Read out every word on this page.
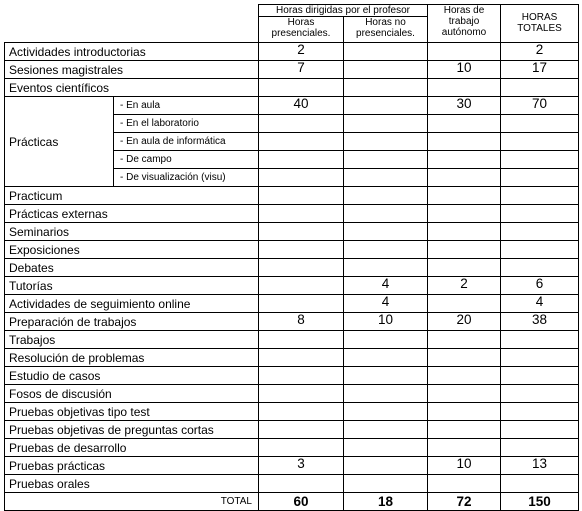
		Horas dirigidas por el profesor		Horas de trabajo autónomo	HORAS TOTALES

		Horas presenciales.	Horas no presenciales.		

Actividades introductorias		2			2
Sesiones magistrales		7		10	17
Eventos científicos					
Prácticas	- En aula	40		30	70
	- En el laboratorio				
	- En aula de informática				
	- De campo				
	- De visualización (visu)				
Practicum					
Prácticas externas					
Seminarios					
Exposiciones					
Debates					
Tutorías			4	2	6
Actividades de seguimiento online			4		4
Preparación de trabajos		8	10	20	38
Trabajos					
Resolución de problemas					
Estudio de casos					
Fosos de discusión					
Pruebas objetivas tipo test					
Pruebas objetivas de preguntas cortas					
Pruebas de desarrollo					
Pruebas prácticas		3		10	13
Pruebas orales					
TOTAL		60	18	72	150
